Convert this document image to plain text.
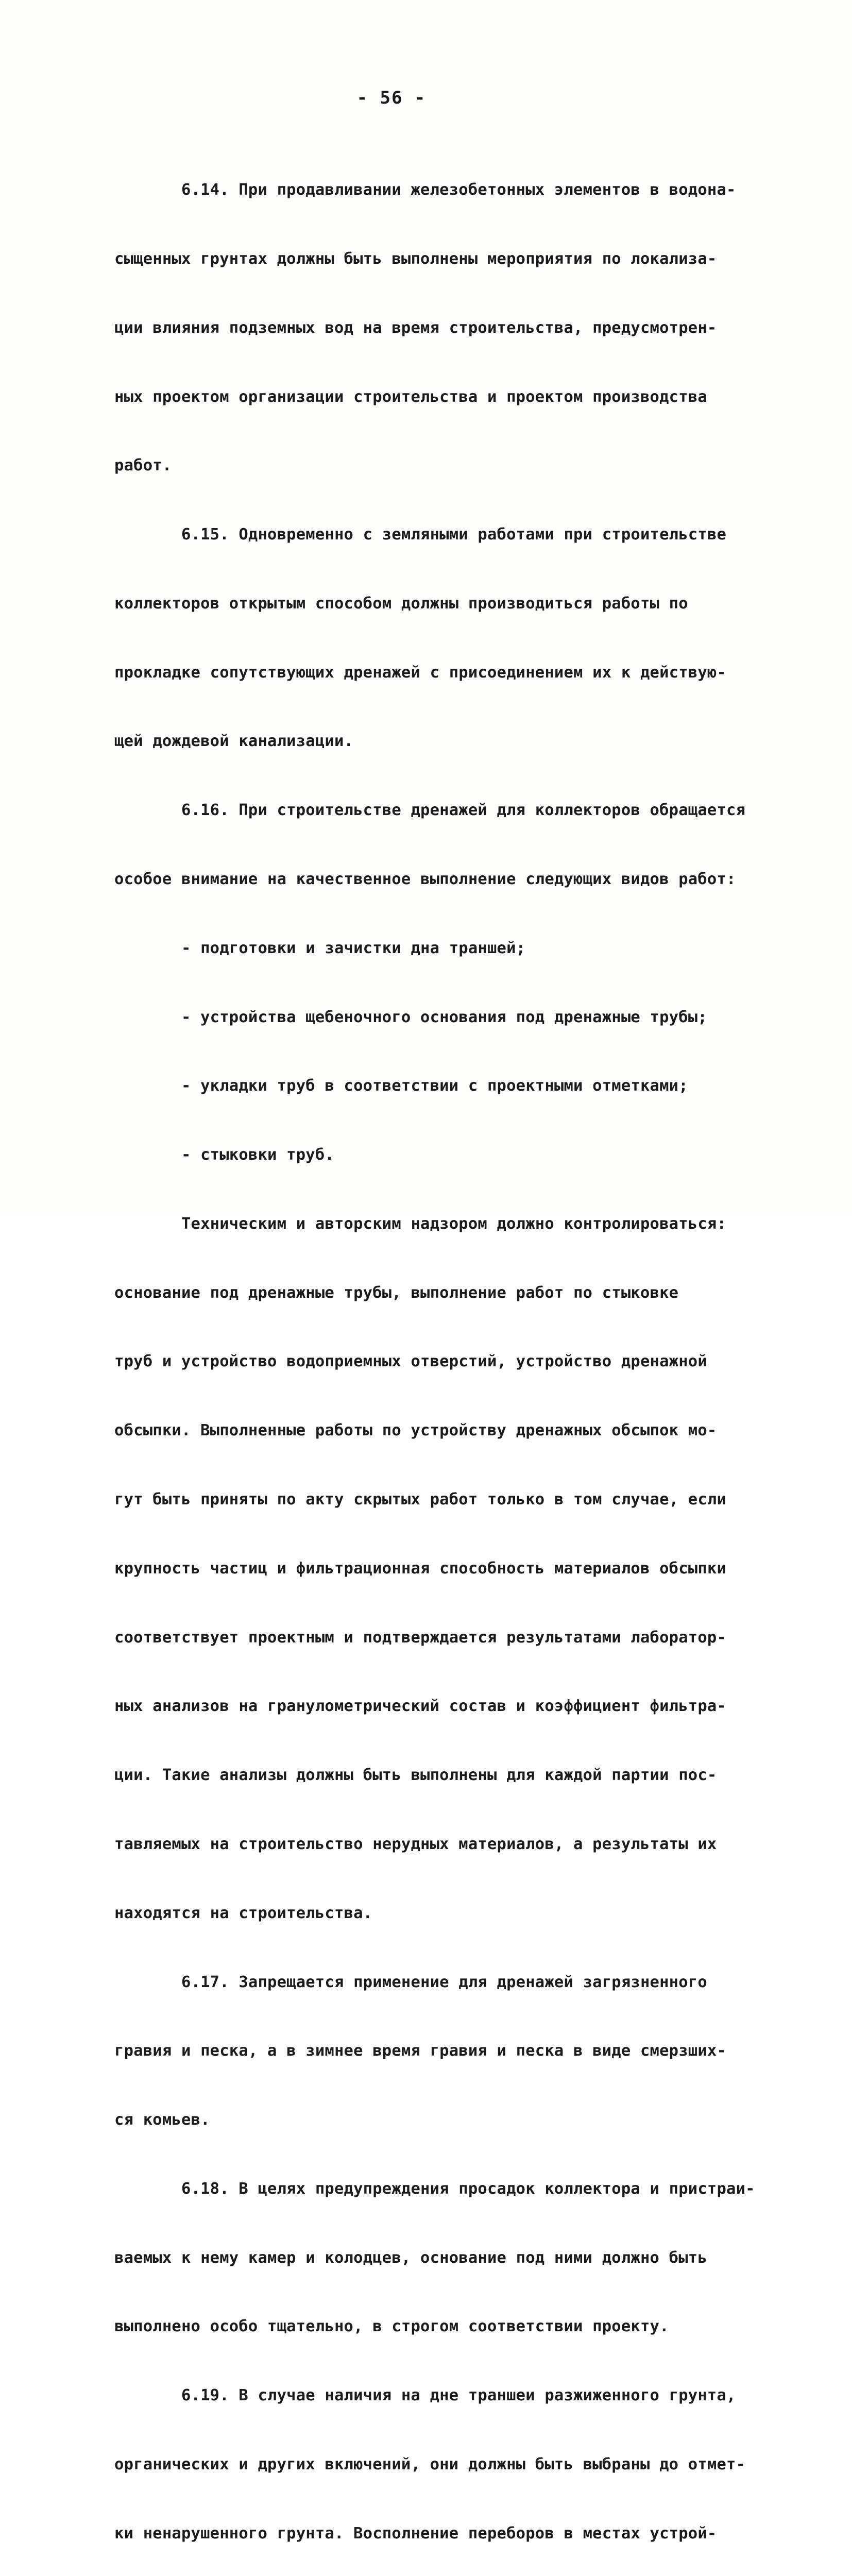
- 56 -

6.14. При продавливании железобетонных элементов в водона-

сыщенных грунтах должны быть выполнены мероприятия по локализа-

ции влияния подземных вод на время строительства, предусмотрен-

ных проектом организации строительства и проектом производства

работ.

6.15. Одновременно с земляными работами при строительстве

коллекторов открытым способом должны производиться работы по

прокладке сопутствующих дренажей с присоединением их к действую-

щей дождевой канализации.

6.16. При строительстве дренажей для коллекторов обращается

особое внимание на качественное выполнение следующих видов работ:

- подготовки и зачистки дна траншей;

- устройства щебеночного основания под дренажные трубы;

- укладки труб в соответствии с проектными отметками;

- стыковки труб.

Техническим и авторским надзором должно контролироваться:

основание под дренажные трубы, выполнение работ по стыковке

труб и устройство водоприемных отверстий, устройство дренажной

обсыпки. Выполненные работы по устройству дренажных обсыпок мо-

гут быть приняты по акту скрытых работ только в том случае, если

крупность частиц и фильтрационная способность материалов обсыпки

соответствует проектным и подтверждается результатами лаборатор-

ных анализов на гранулометрический состав и коэффициент фильтра-

ции. Такие анализы должны быть выполнены для каждой партии пос-

тавляемых на строительство нерудных материалов, а результаты их

находятся на строительства.

6.17. Запрещается применение для дренажей загрязненного

гравия и песка, а в зимнее время гравия и песка в виде смерзших-

ся комьев.

6.18. В целях предупреждения просадок коллектора и пристраи-

ваемых к нему камер и колодцев, основание под ними должно быть

выполнено особо тщательно, в строгом соответствии проекту.

6.19. В случае наличия на дне траншеи разжиженного грунта,

органических и других включений, они должны быть выбраны до отмет-

ки ненарушенного грунта. Восполнение переборов в местах устрой-
